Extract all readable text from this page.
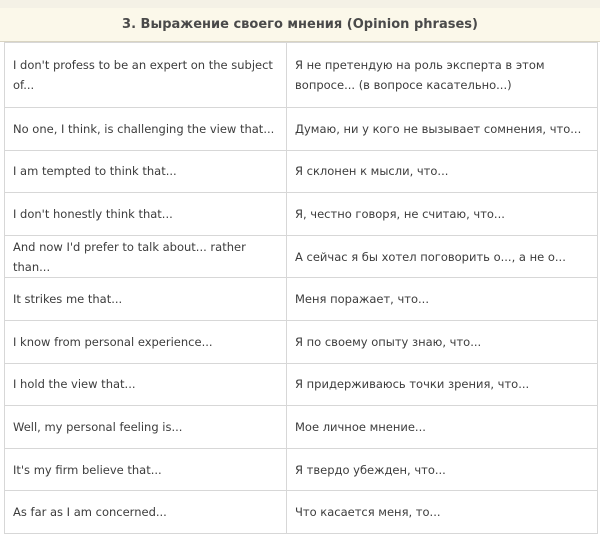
3. Выражение своего мнения (Opinion phrases)
I don't profess to be an expert on the subject of...	Я не претендую на роль эксперта в этом вопросе... (в вопросе касательно...)
No one, I think, is challenging the view that...	Думаю, ни у кого не вызывает сомнения, что...
I am tempted to think that...	Я склонен к мысли, что...
I don't honestly think that...	Я, честно говоря, не считаю, что...
And now I'd prefer to talk about... rather than...	А сейчас я бы хотел поговорить о..., а не о...
It strikes me that...	Меня поражает, что...
I know from personal experience...	Я по своему опыту знаю, что...
I hold the view that...	Я придерживаюсь точки зрения, что...
Well, my personal feeling is...	Мое личное мнение...
It's my firm believe that...	Я твердо убежден, что...
As far as I am concerned...	Что касается меня, то...
